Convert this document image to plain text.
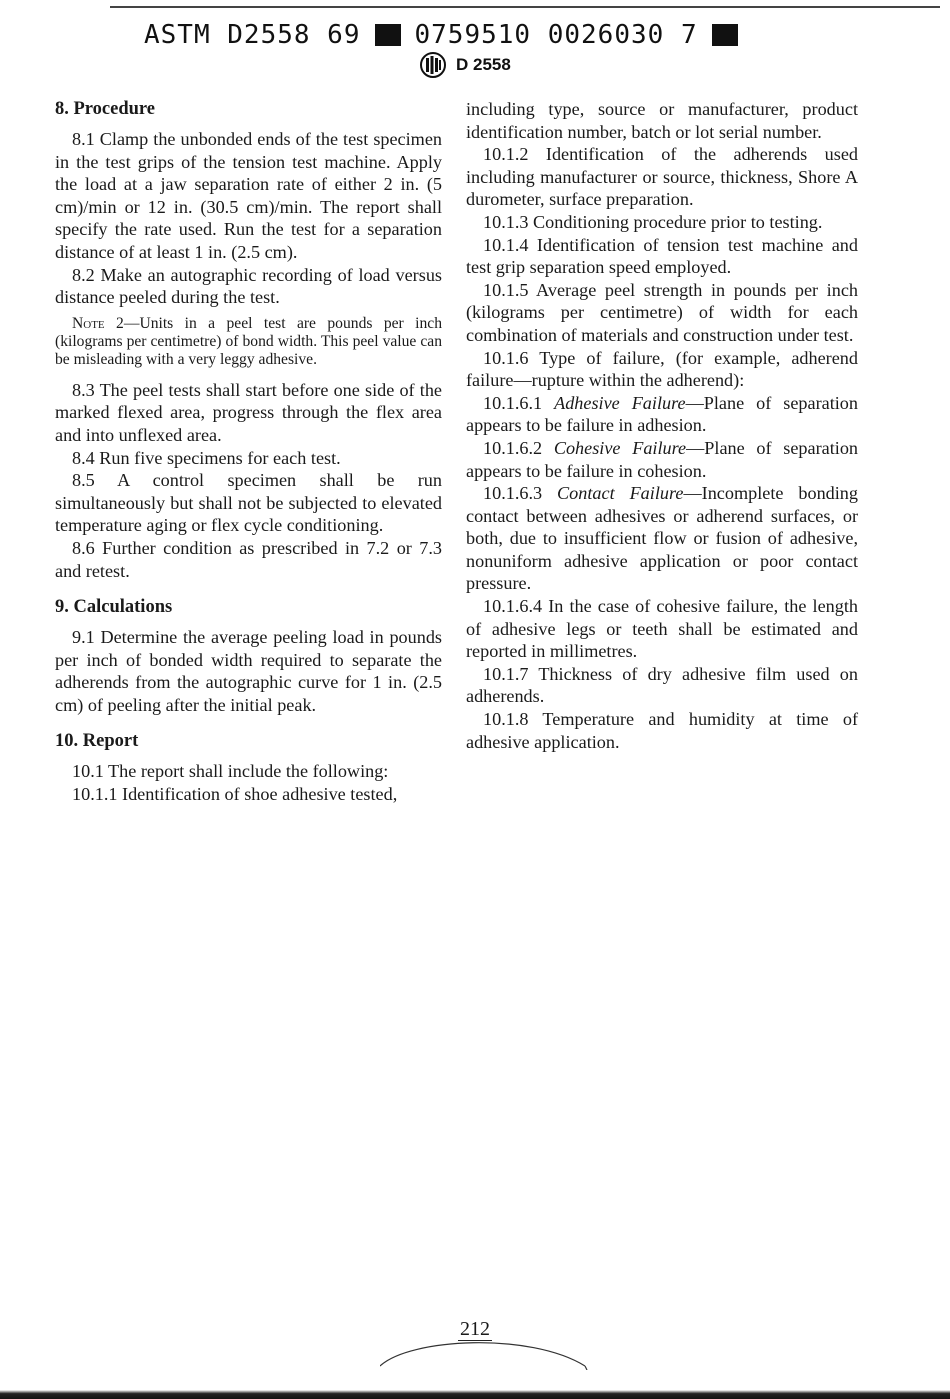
ASTM D2558 69 0759510 0026030 7
D 2558
8. Procedure

8.1 Clamp the unbonded ends of the test specimen in the test grips of the tension test machine. Apply the load at a jaw separation rate of either 2 in. (5 cm)/min or 12 in. (30.5 cm)/min. The report shall specify the rate used. Run the test for a separation distance of at least 1 in. (2.5 cm).

8.2 Make an autographic recording of load versus distance peeled during the test.

Note 2—Units in a peel test are pounds per inch (kilograms per centimetre) of bond width. This peel value can be misleading with a very leggy adhesive.

8.3 The peel tests shall start before one side of the marked flexed area, progress through the flex area and into unflexed area.

8.4 Run five specimens for each test.

8.5 A control specimen shall be run simultaneously but shall not be subjected to elevated temperature aging or flex cycle conditioning.

8.6 Further condition as prescribed in 7.2 or 7.3 and retest.

9. Calculations

9.1 Determine the average peeling load in pounds per inch of bonded width required to separate the adherends from the autographic curve for 1 in. (2.5 cm) of peeling after the initial peak.

10. Report

10.1 The report shall include the following:

10.1.1 Identification of shoe adhesive tested,

including type, source or manufacturer, product identification number, batch or lot serial number.

10.1.2 Identification of the adherends used including manufacturer or source, thickness, Shore A durometer, surface preparation.

10.1.3 Conditioning procedure prior to testing.

10.1.4 Identification of tension test machine and test grip separation speed employed.

10.1.5 Average peel strength in pounds per inch (kilograms per centimetre) of width for each combination of materials and construction under test.

10.1.6 Type of failure, (for example, adherend failure—rupture within the adherend):

10.1.6.1 Adhesive Failure—Plane of separation appears to be failure in adhesion.

10.1.6.2 Cohesive Failure—Plane of separation appears to be failure in cohesion.

10.1.6.3 Contact Failure—Incomplete bonding contact between adhesives or adherend surfaces, or both, due to insufficient flow or fusion of adhesive, nonuniform adhesive application or poor contact pressure.

10.1.6.4 In the case of cohesive failure, the length of adhesive legs or teeth shall be estimated and reported in millimetres.

10.1.7 Thickness of dry adhesive film used on adherends.

10.1.8 Temperature and humidity at time of adhesive application.

212
